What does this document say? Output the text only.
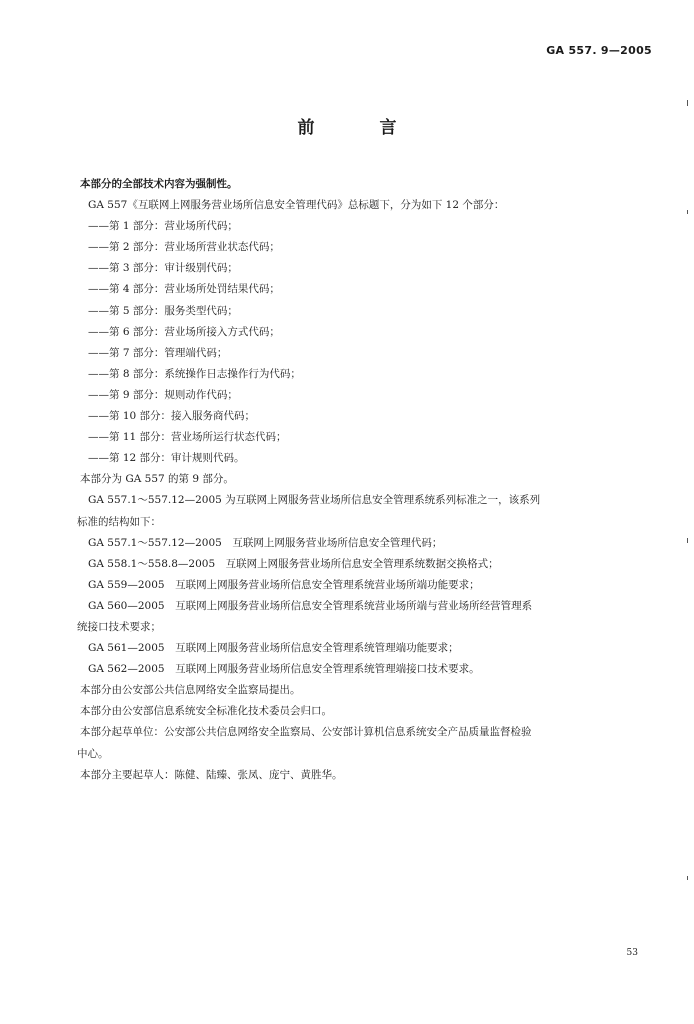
GA 557. 9—2005
前　言
本部分的全部技术内容为强制性。
GA 557《互联网上网服务营业场所信息安全管理代码》总标题下，分为如下 12 个部分：
——第 1 部分：营业场所代码；
——第 2 部分：营业场所营业状态代码；
——第 3 部分：审计级别代码；
——第 4 部分：营业场所处罚结果代码；
——第 5 部分：服务类型代码；
——第 6 部分：营业场所接入方式代码；
——第 7 部分：管理端代码；
——第 8 部分：系统操作日志操作行为代码；
——第 9 部分：规则动作代码；
——第 10 部分：接入服务商代码；
——第 11 部分：营业场所运行状态代码；
——第 12 部分：审计规则代码。
本部分为 GA 557 的第 9 部分。
GA 557.1～557.12—2005 为互联网上网服务营业场所信息安全管理系统系列标准之一，该系列
标准的结构如下：
GA 557.1～557.12—2005　互联网上网服务营业场所信息安全管理代码；
GA 558.1～558.8—2005　互联网上网服务营业场所信息安全管理系统数据交换格式；
GA 559—2005　互联网上网服务营业场所信息安全管理系统营业场所端功能要求；
GA 560—2005　互联网上网服务营业场所信息安全管理系统营业场所端与营业场所经营管理系
统接口技术要求；
GA 561—2005　互联网上网服务营业场所信息安全管理系统管理端功能要求；
GA 562—2005　互联网上网服务营业场所信息安全管理系统管理端接口技术要求。
本部分由公安部公共信息网络安全监察局提出。
本部分由公安部信息系统安全标准化技术委员会归口。
本部分起草单位：公安部公共信息网络安全监察局、公安部计算机信息系统安全产品质量监督检验
中心。
本部分主要起草人：陈健、陆臻、张凤、庞宁、黄胜华。
53
